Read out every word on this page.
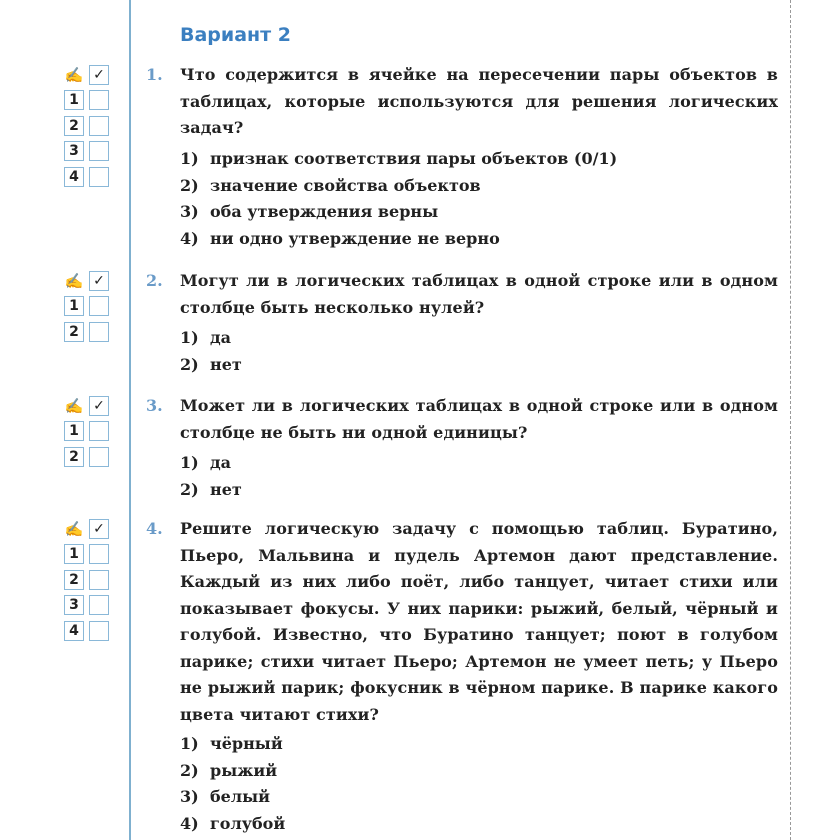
Вариант 2
✍ ✓
1
2
3
4
1. Что содержится в ячейке на пересечении пары объектов в таблицах, которые используются для решения логических задач?
1) признак соответствия пары объектов (0/1)
2) значение свойства объектов
3) оба утверждения верны
4) ни одно утверждение не верно
✍ ✓
1
2
2. Могут ли в логических таблицах в одной строке или в одном столбце быть несколько нулей?
1) да
2) нет
✍ ✓
1
2
3. Может ли в логических таблицах в одной строке или в одном столбце не быть ни одной единицы?
1) да
2) нет
✍ ✓
1
2
3
4
4. Решите логическую задачу с помощью таблиц. Буратино, Пьеро, Мальвина и пудель Артемон дают представление. Каждый из них либо поёт, либо танцует, читает стихи или показывает фокусы. У них парики: рыжий, белый, чёрный и голубой. Известно, что Буратино танцует; поют в голубом парике; стихи читает Пьеро; Артемон не умеет петь; у Пьеро не рыжий парик; фокусник в чёрном парике. В парике какого цвета читают стихи?
1) чёрный
2) рыжий
3) белый
4) голубой
